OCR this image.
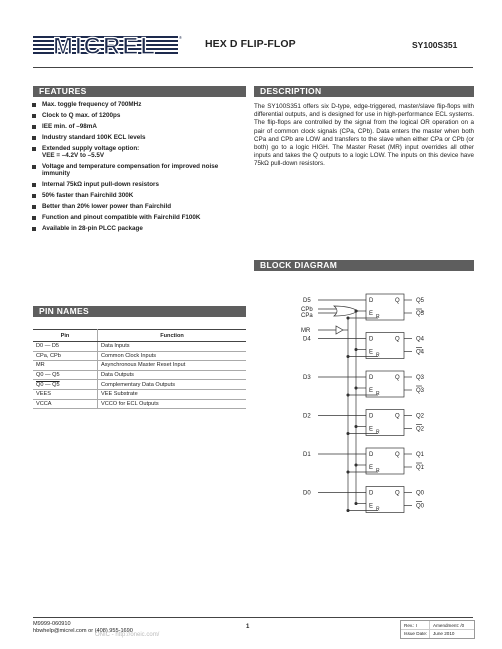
MICREL	®
HEX D FLIP-FLOP	SY100S351
FEATURES
Max. toggle frequency of 700MHz
Clock to Q max. of 1200ps
IEE min. of –98mA
Industry standard 100K ECL levels
Extended supply voltage option:
VEE = –4.2V to –5.5V
Voltage and temperature compensation for improved noise immunity
Internal 75kΩ input pull-down resistors
50% faster than Fairchild 300K
Better than 20% lower power than Fairchild
Function and pinout compatible with Fairchild F100K
Available in 28-pin PLCC package
DESCRIPTION
The SY100S351 offers six D-type, edge-triggered, master/slave flip-flops with differential outputs, and is designed for use in high-performance ECL systems. The flip-flops are controlled by the signal from the logical OR operation on a pair of common clock signals (CPa, CPb). Data enters the master when both CPa and CPb are LOW and transfers to the slave when either CPa or CPb (or both) go to a logic HIGH. The Master Reset (MR) input overrides all other inputs and takes the Q outputs to a logic LOW. The inputs on this device have 75kΩ pull-down resistors.
PIN NAMES
Pin	Function
D0 — D5	Data Inputs
CPa, CPb	Common Clock Inputs
MR	Asynchronous Master Reset Input
Q0 — Q5	Data Outputs
Q0 — Q5	Complementary Data Outputs
VEES	VEE Substrate
VCCA	VCCO for ECL Outputs
BLOCK DIAGRAM
D	Q
E R
D5	Q5
Q5
D	Q
E R
D4	Q4
Q4
D	Q
E R
D3	Q3
Q3
D	Q
E R
D2	Q2
Q2
D	Q
E R
D1	Q1
Q1
D	Q
E R
D0	Q0
Q0
CPb
CPa
MR
M9999-060910
hbwhelp@micrel.com or (408) 955-1690
1	Rev.: I	Amendment: /0
Issue Date: June 2010
ONIC - http://oneic.com/
